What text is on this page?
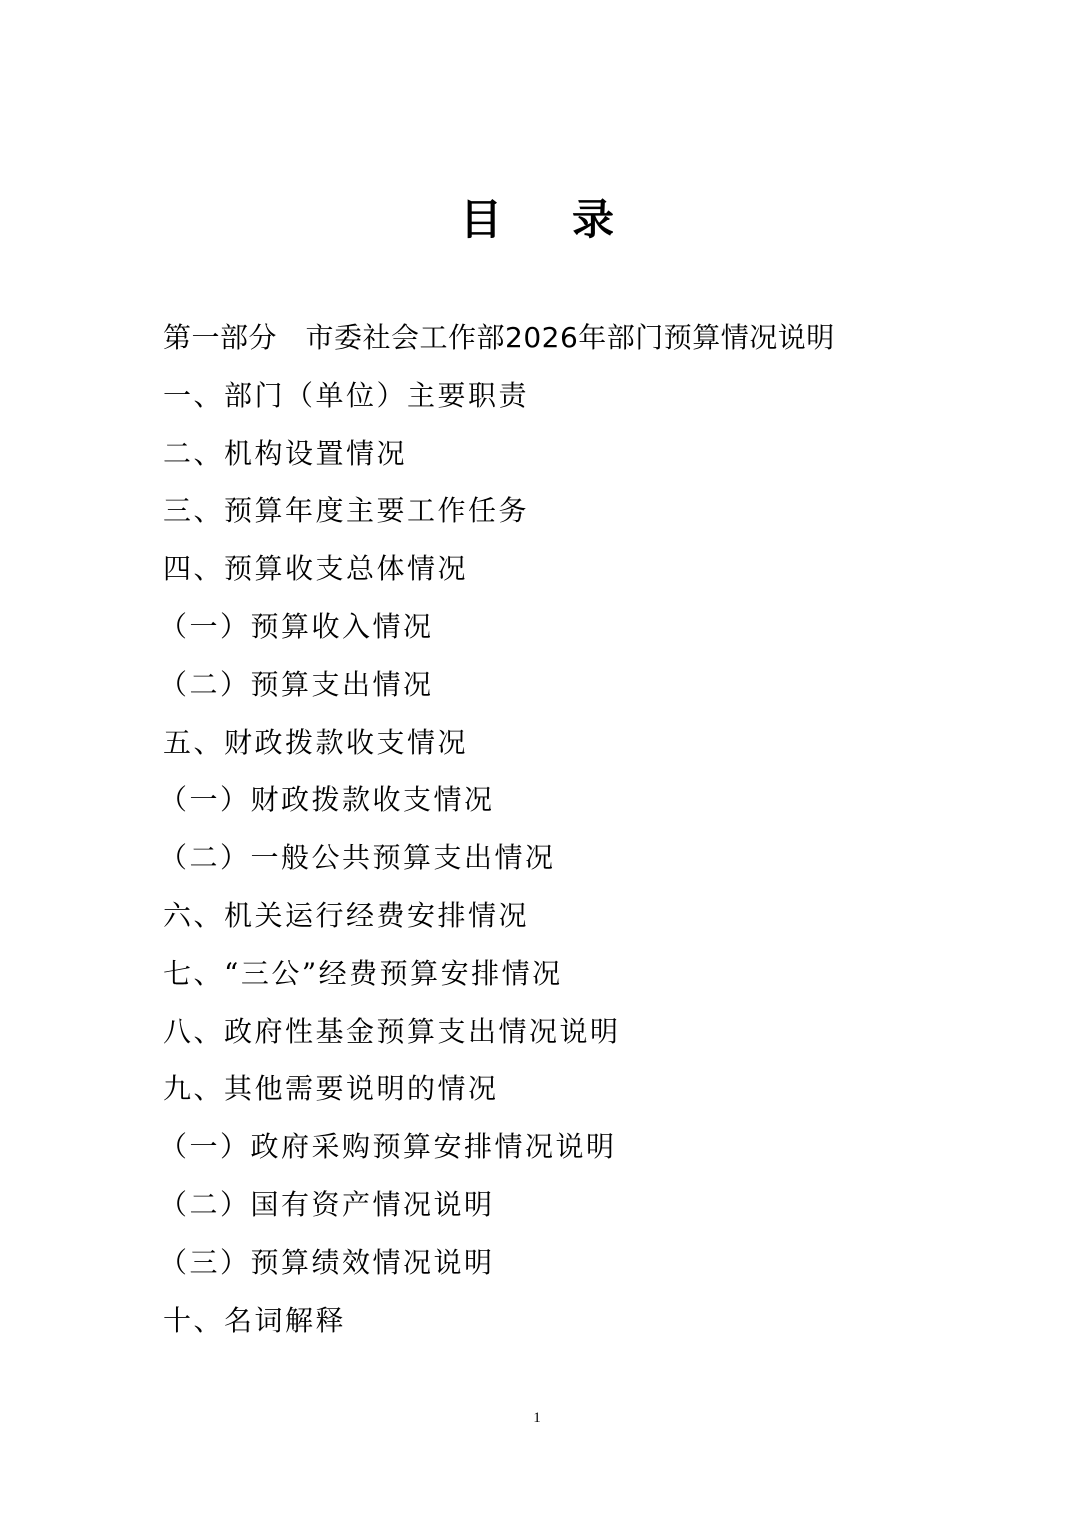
目录
第一部分　市委社会工作部2026年部门预算情况说明
一、部门（单位）主要职责
二、机构设置情况
三、预算年度主要工作任务
四、预算收支总体情况
（一）预算收入情况
（二）预算支出情况
五、财政拨款收支情况
（一）财政拨款收支情况
（二）一般公共预算支出情况
六、机关运行经费安排情况
七、“三公”经费预算安排情况
八、政府性基金预算支出情况说明
九、其他需要说明的情况
（一）政府采购预算安排情况说明
（二）国有资产情况说明
（三）预算绩效情况说明
十、名词解释
1
